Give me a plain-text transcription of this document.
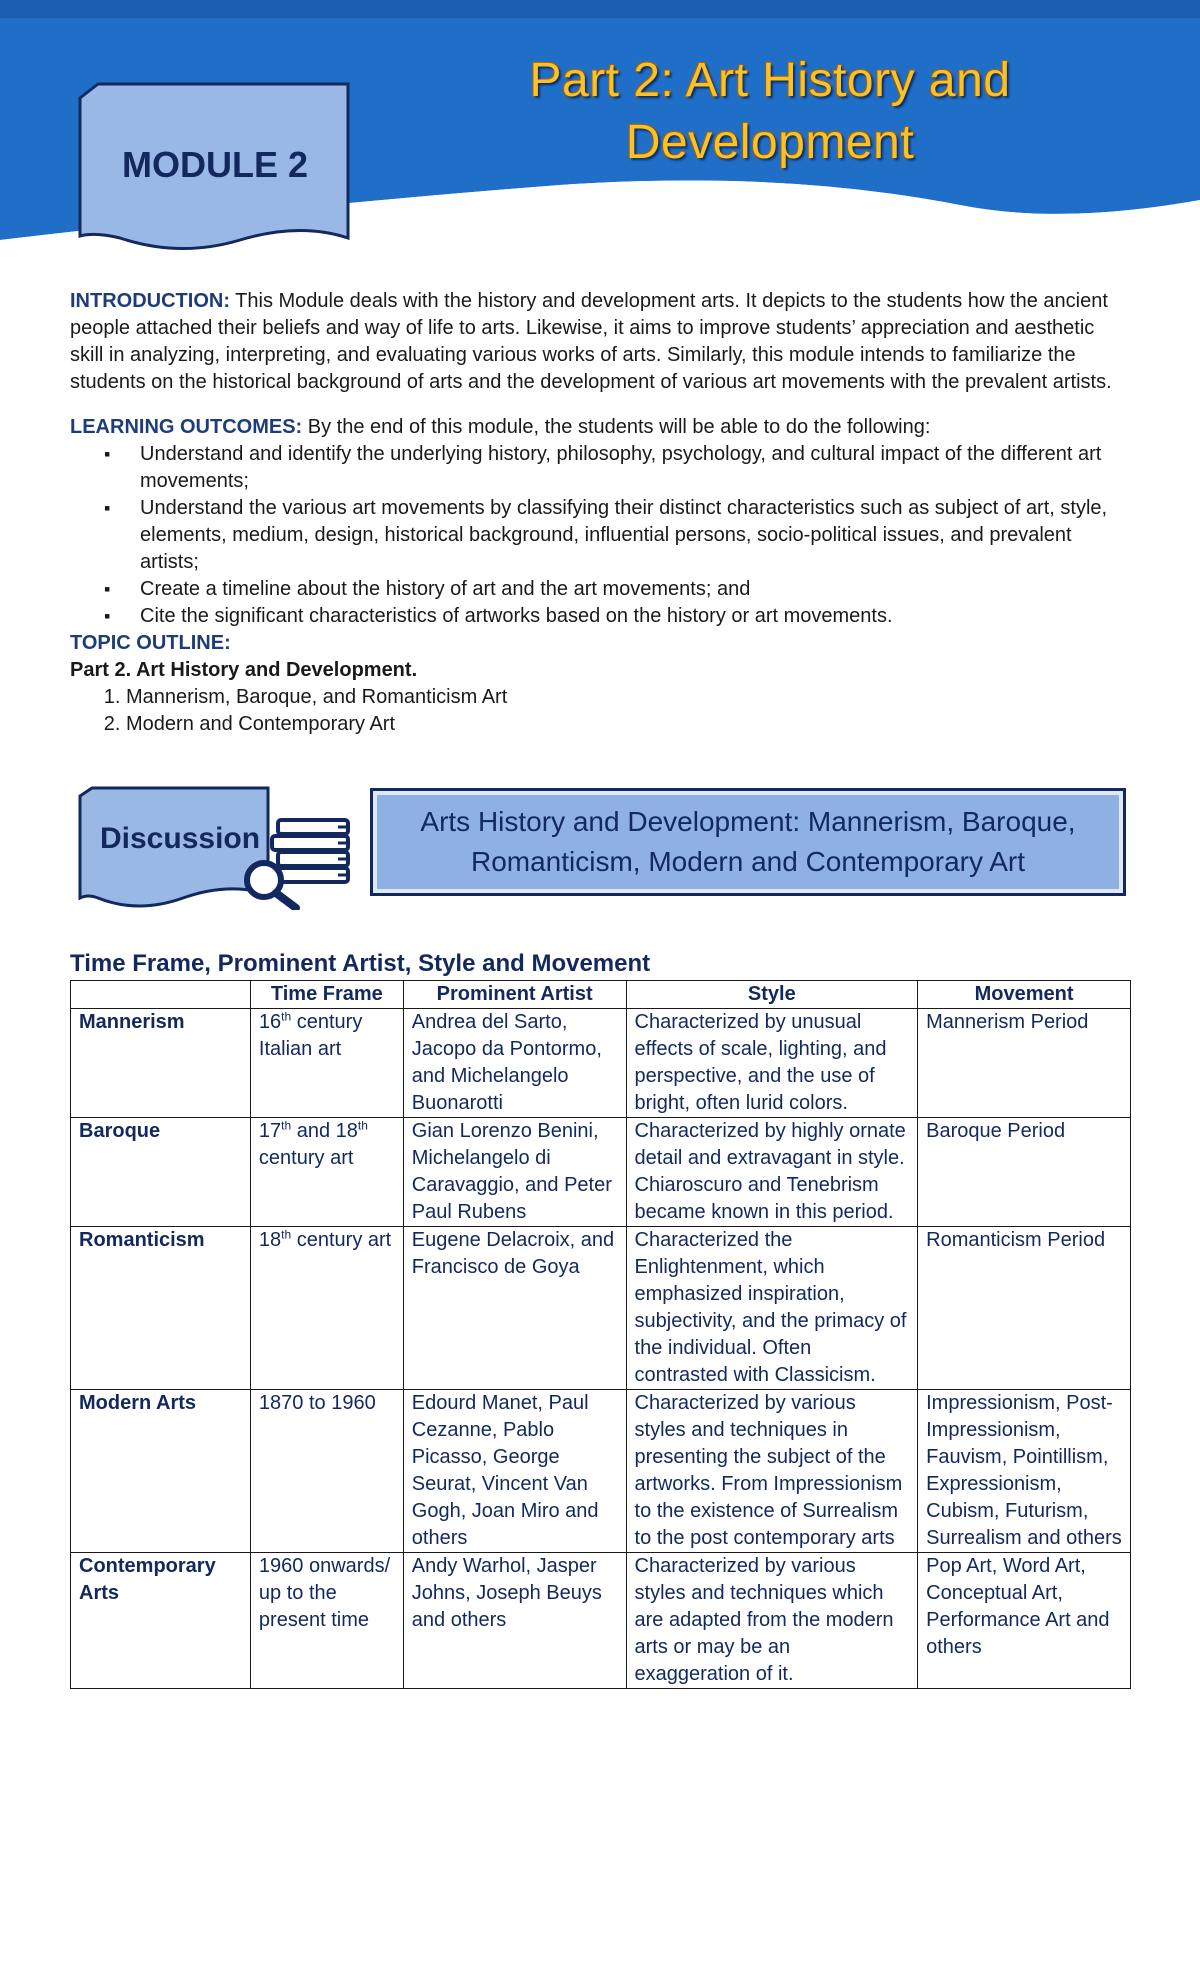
MODULE 2
Part 2: Art History and
Development
INTRODUCTION: This Module deals with the history and development arts. It depicts to the students how the ancient people attached their beliefs and way of life to arts. Likewise, it aims to improve students’ appreciation and aesthetic skill in analyzing, interpreting, and evaluating various works of arts. Similarly, this module intends to familiarize the students on the historical background of arts and the development of various art movements with the prevalent artists.
LEARNING OUTCOMES: By the end of this module, the students will be able to do the following:
▪ Understand and identify the underlying history, philosophy, psychology, and cultural impact of the different art movements;
▪ Understand the various art movements by classifying their distinct characteristics such as subject of art, style, elements, medium, design, historical background, influential persons, socio-political issues, and prevalent artists;
▪ Create a timeline about the history of art and the art movements; and
▪ Cite the significant characteristics of artworks based on the history or art movements.
TOPIC OUTLINE:
Part 2. Art History and Development.
1. Mannerism, Baroque, and Romanticism Art
2. Modern and Contemporary Art
Discussion
Arts History and Development: Mannerism, Baroque,
Romanticism, Modern and Contemporary Art
Time Frame, Prominent Artist, Style and Movement
	Time Frame	Prominent Artist	Style	Movement
Mannerism	16th century Italian art	Andrea del Sarto, Jacopo da Pontormo, and Michelangelo Buonarotti	Characterized by unusual effects of scale, lighting, and perspective, and the use of bright, often lurid colors.	Mannerism Period
Baroque	17th and 18th century art	Gian Lorenzo Benini, Michelangelo di Caravaggio, and Peter Paul Rubens	Characterized by highly ornate detail and extravagant in style. Chiaroscuro and Tenebrism became known in this period.	Baroque Period
Romanticism	18th century art	Eugene Delacroix, and Francisco de Goya	Characterized the Enlightenment, which emphasized inspiration, subjectivity, and the primacy of the individual. Often contrasted with Classicism.	Romanticism Period
Modern Arts	1870 to 1960	Edourd Manet, Paul Cezanne, Pablo Picasso, George Seurat, Vincent Van Gogh, Joan Miro and others	Characterized by various styles and techniques in presenting the subject of the artworks. From Impressionism to the existence of Surrealism to the post contemporary arts	Impressionism, Post-Impressionism, Fauvism, Pointillism, Expressionism, Cubism, Futurism, Surrealism and others
Contemporary Arts	1960 onwards/ up to the present time	Andy Warhol, Jasper Johns, Joseph Beuys and others	Characterized by various styles and techniques which are adapted from the modern arts or may be an exaggeration of it.	Pop Art, Word Art, Conceptual Art, Performance Art and others
